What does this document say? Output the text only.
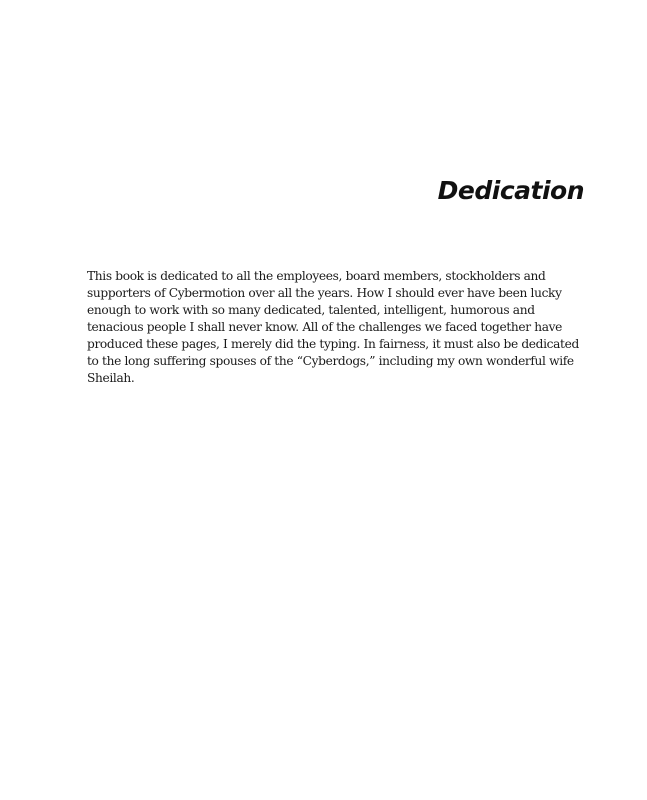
Dedication
This book is dedicated to all the employees, board members, stockholders and
supporters of Cybermotion over all the years. How I should ever have been lucky
enough to work with so many dedicated, talented, intelligent, humorous and
tenacious people I shall never know. All of the challenges we faced together have
produced these pages, I merely did the typing. In fairness, it must also be dedicated
to the long suffering spouses of the “Cyberdogs,” including my own wonderful wife
Sheilah.
